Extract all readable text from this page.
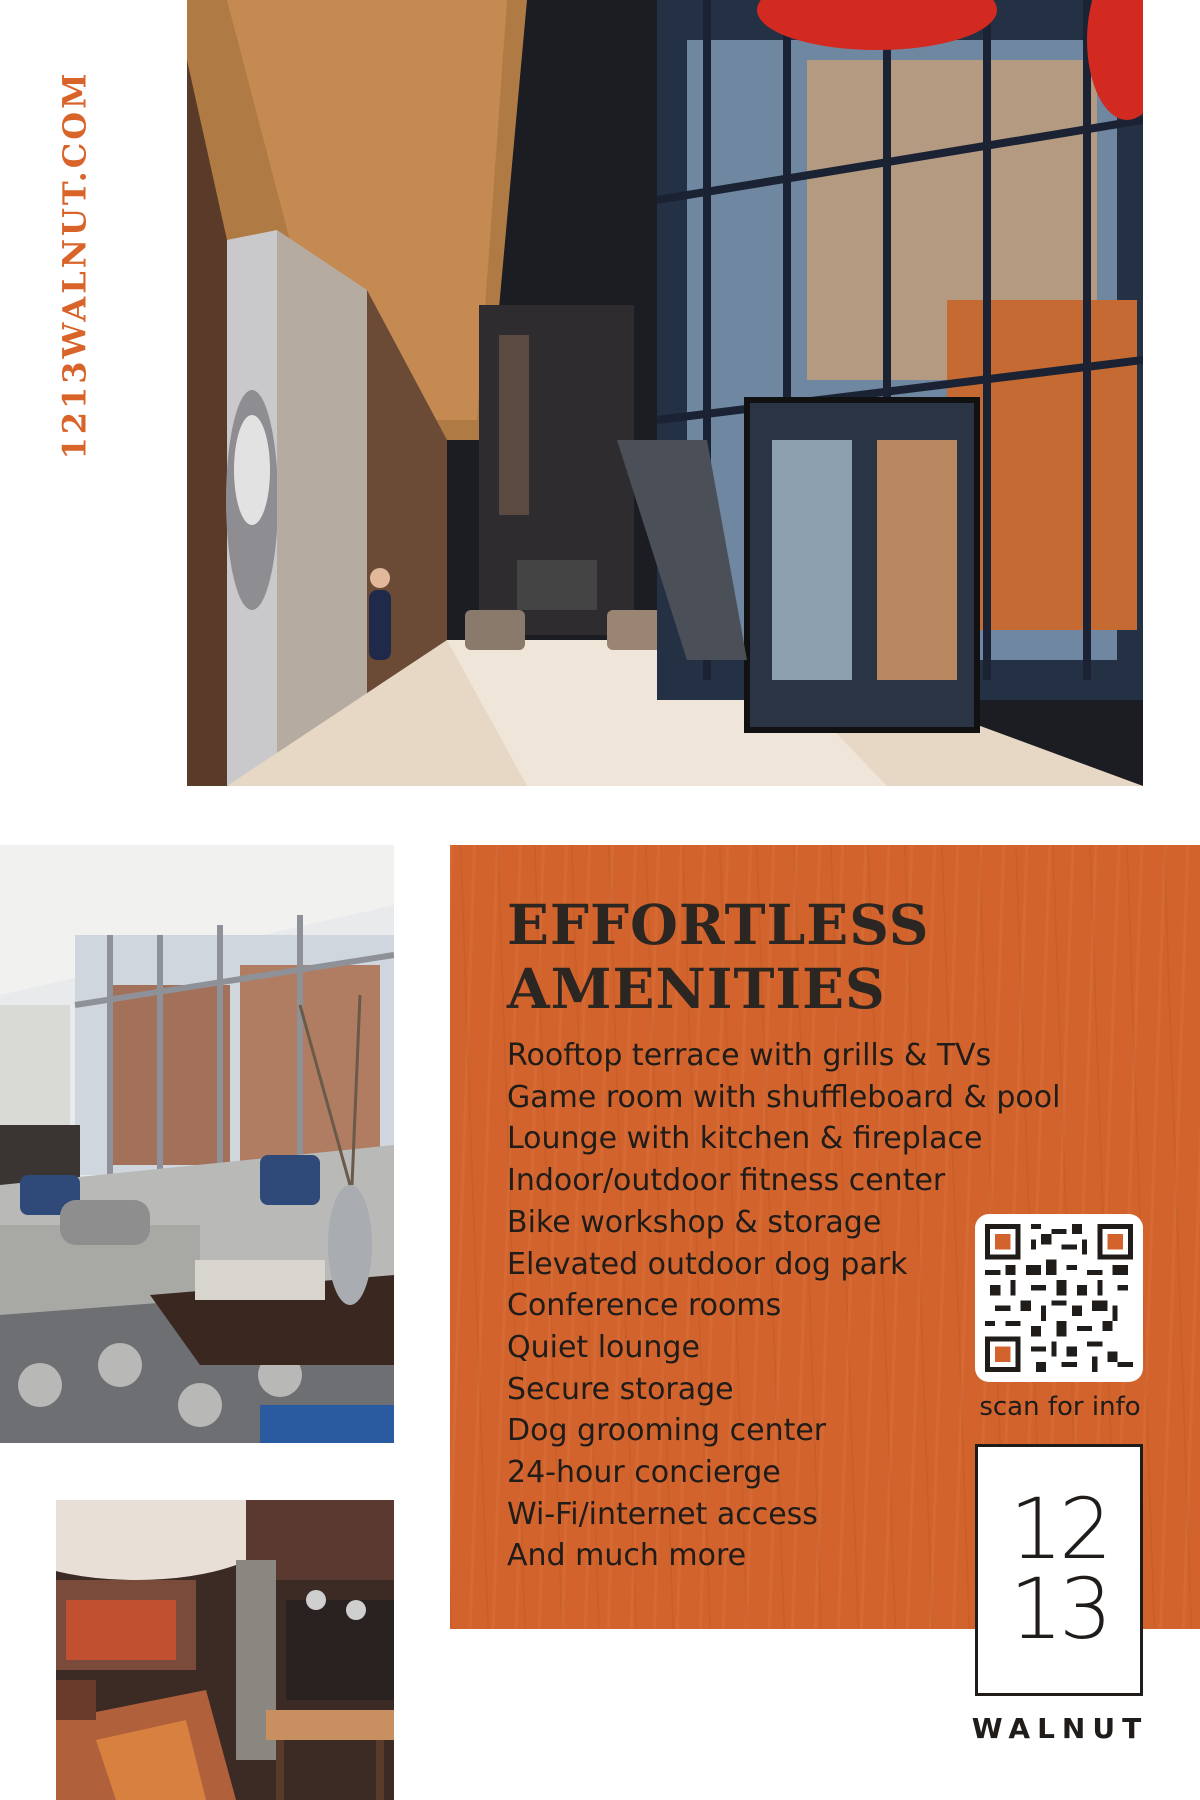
1213WALNUT.COM
EFFORTLESS
AMENITIES
Rooftop terrace with grills & TVs
Game room with shuffleboard & pool
Lounge with kitchen & fireplace
Indoor/outdoor fitness center
Bike workshop & storage
Elevated outdoor dog park
Conference rooms
Quiet lounge
Secure storage
Dog grooming center
24-hour concierge
Wi-Fi/internet access
And much more
scan for info
12
13
WALNUT
